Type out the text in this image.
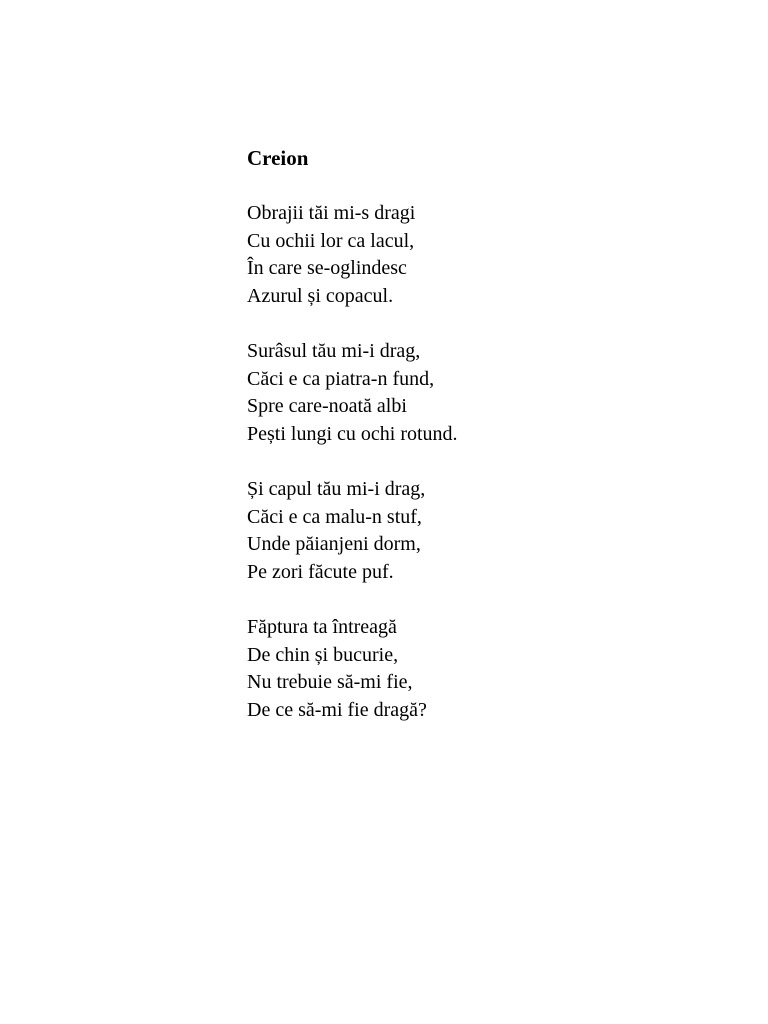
Creion
Obrajii tăi mi-s dragi
Cu ochii lor ca lacul,
În care se-oglindesc
Azurul și copacul.
Surâsul tău mi-i drag,
Căci e ca piatra-n fund,
Spre care-noată albi
Pești lungi cu ochi rotund.
Și capul tău mi-i drag,
Căci e ca malu-n stuf,
Unde păianjeni dorm,
Pe zori făcute puf.
Făptura ta întreagă
De chin și bucurie,
Nu trebuie să-mi fie,
De ce să-mi fie dragă?
